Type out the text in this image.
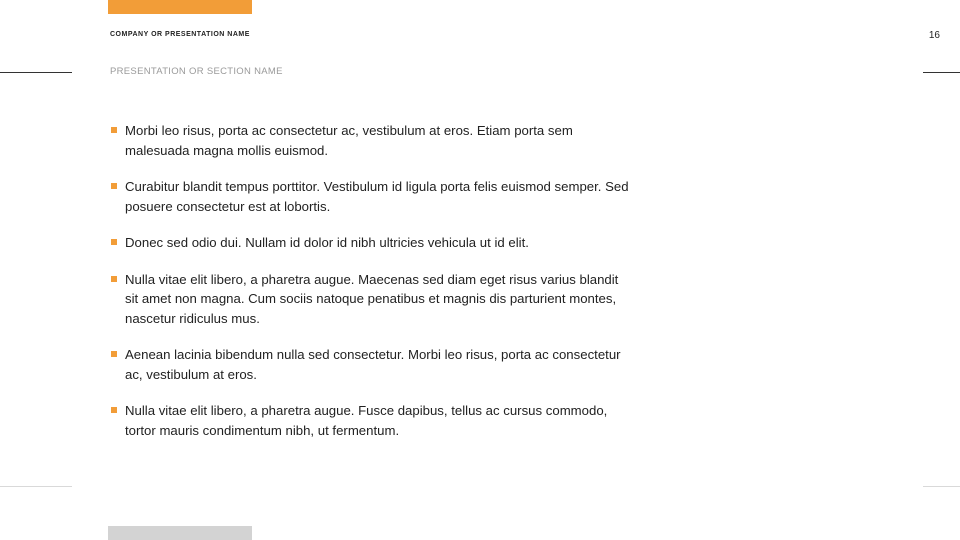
COMPANY OR PRESENTATION NAME	16
PRESENTATION OR SECTION NAME
Morbi leo risus, porta ac consectetur ac, vestibulum at eros. Etiam porta sem malesuada magna mollis euismod.
Curabitur blandit tempus porttitor. Vestibulum id ligula porta felis euismod semper. Sed posuere consectetur est at lobortis.
Donec sed odio dui. Nullam id dolor id nibh ultricies vehicula ut id elit.
Nulla vitae elit libero, a pharetra augue. Maecenas sed diam eget risus varius blandit sit amet non magna. Cum sociis natoque penatibus et magnis dis parturient montes, nascetur ridiculus mus.
Aenean lacinia bibendum nulla sed consectetur. Morbi leo risus, porta ac consectetur ac, vestibulum at eros.
Nulla vitae elit libero, a pharetra augue. Fusce dapibus, tellus ac cursus commodo, tortor mauris condimentum nibh, ut fermentum.
